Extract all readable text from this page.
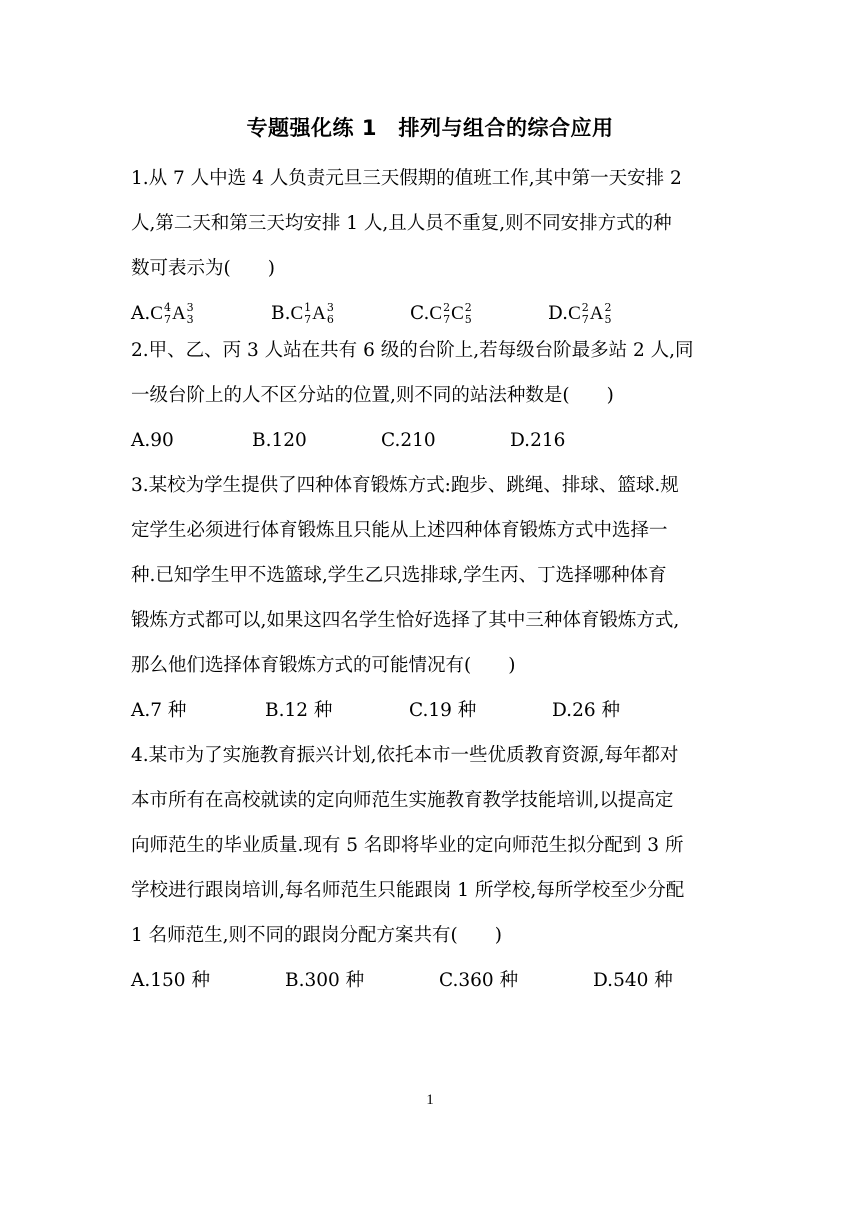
专题强化练 1　排列与组合的综合应用
1.从 7 人中选 4 人负责元旦三天假期的值班工作,其中第一天安排 2
人,第二天和第三天均安排 1 人,且人员不重复,则不同安排方式的种
数可表示为(　　)
A. C 4
7 A 3
3	B. C 1
7 A 3
6	C. C 2
7 C 2
5	D. C 2
7 A 2
5
2.甲、乙、丙 3 人站在共有 6 级的台阶上,若每级台阶最多站 2 人,同
一级台阶上的人不区分站的位置,则不同的站法种数是(　　)
A.90	B.120	C.210	D.216
3.某校为学生提供了四种体育锻炼方式:跑步、跳绳、排球、篮球.规
定学生必须进行体育锻炼且只能从上述四种体育锻炼方式中选择一
种.已知学生甲不选篮球,学生乙只选排球,学生丙、丁选择哪种体育
锻炼方式都可以,如果这四名学生恰好选择了其中三种体育锻炼方式,
那么他们选择体育锻炼方式的可能情况有(　　)
A.7 种	B.12 种	C.19 种	D.26 种
4.某市为了实施教育振兴计划,依托本市一些优质教育资源,每年都对
本市所有在高校就读的定向师范生实施教育教学技能培训,以提高定
向师范生的毕业质量.现有 5 名即将毕业的定向师范生拟分配到 3 所
学校进行跟岗培训,每名师范生只能跟岗 1 所学校,每所学校至少分配
1 名师范生,则不同的跟岗分配方案共有(　　)
A.150 种	B.300 种	C.360 种	D.540 种
1
